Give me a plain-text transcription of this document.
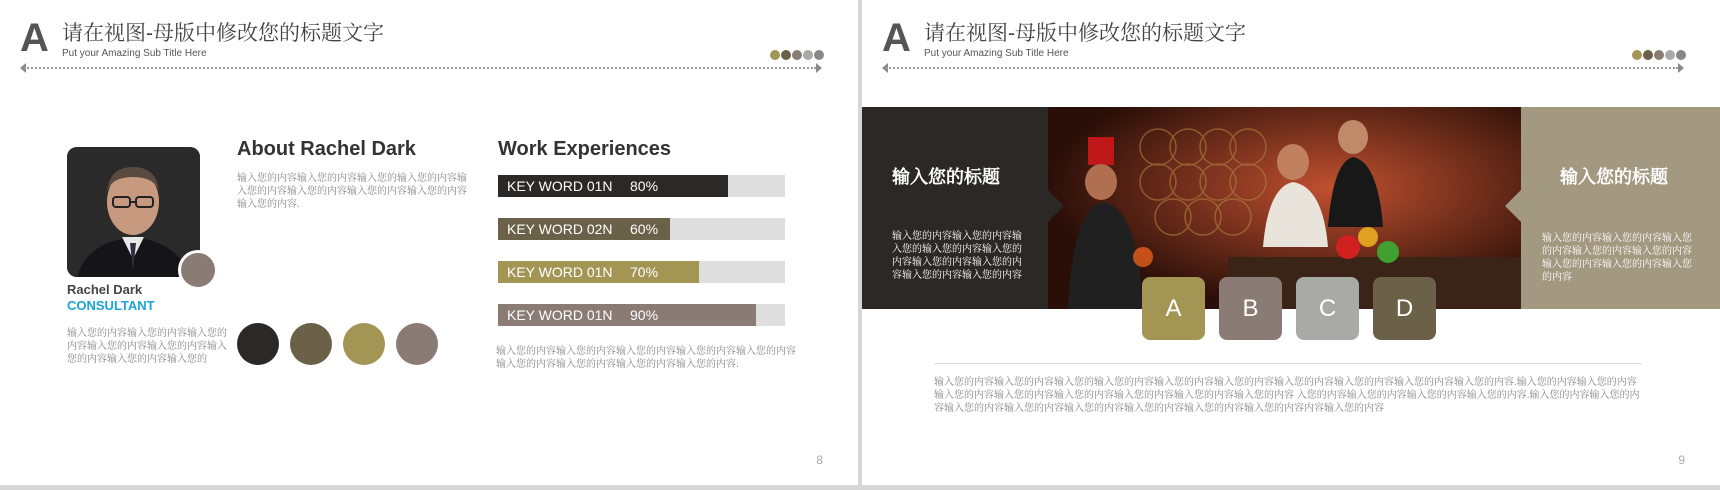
A 请在视图-母版中修改您的标题文字
Put your Amazing Sub Title Here
Rachel Dark
CONSULTANT
输入您的内容输入您的内容输入您的内容输入您的内容输入您的内容输入您的内容输入您的内容输入您的
About Rachel Dark
输入您的内容输入您的内容输入您的输入您的内容输入您的内容输入您的内容输入您的内容输入您的内容输入您的内容.
Work Experiences
KEY WORD 01N 80%
KEY WORD 02N 60%
KEY WORD 01N 70%
KEY WORD 01N 90%
输入您的内容输入您的内容输入您的内容输入您的内容输入您的内容输入您的内容输入您的内容输入您的内容输入您的内容.
8
A 请在视图-母版中修改您的标题文字
Put your Amazing Sub Title Here
输入您的标题
输入您的内容输入您的内容输入您的输入您的内容输入您的内容输入您的内容输入您的内容输入您的内容输入您的内容
输入您的标题
输入您的内容输入您的内容输入您的内容输入您的内容输入您的内容输入您的内容输入您的内容输入您的内容
A	B	C	D
输入您的内容输入您的内容输入您的输入您的内容输入您的内容输入您的内容输入您的内容输入您的内容输入您的内容输入您的内容.输入您的内容输入您的内容输入您的内容输入您的内容输入您的内容输入您的内容输入您的内容输入您的内容 入您的内容输入您的内容输入您的内容输入您的内容.输入您的内容输入您的内容输入您的内容输入您的内容输入您的内容输入您的内容输入您的内容输入您的内容内容输入您的内容
9
